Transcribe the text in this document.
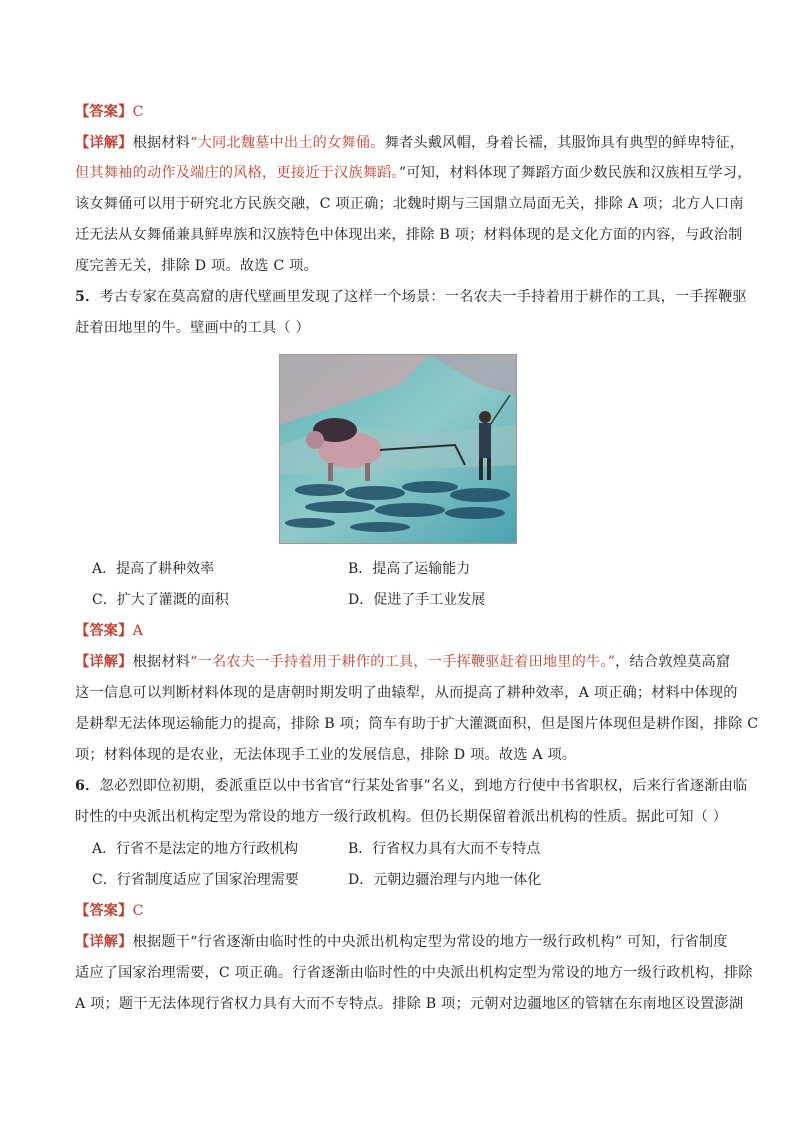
【答案】C
【详解】根据材料“大同北魏墓中出土的女舞俑。舞者头戴风帽，身着长襦，其服饰具有典型的鲜卑特征，
但其舞袖的动作及端庄的风格，更接近于汉族舞蹈。”可知，材料体现了舞蹈方面少数民族和汉族相互学习，
该女舞俑可以用于研究北方民族交融，C 项正确；北魏时期与三国鼎立局面无关，排除 A 项；北方人口南
迁无法从女舞俑兼具鲜卑族和汉族特色中体现出来，排除 B 项；材料体现的是文化方面的内容，与政治制
度完善无关，排除 D 项。故选 C 项。
5．考古专家在莫高窟的唐代壁画里发现了这样一个场景：一名农夫一手持着用于耕作的工具，一手挥鞭驱
赶着田地里的牛。壁画中的工具（ ）
A．提高了耕种效率	B．提高了运输能力
C．扩大了灌溉的面积	D．促进了手工业发展
【答案】A
【详解】根据材料“一名农夫一手持着用于耕作的工具，一手挥鞭驱赶着田地里的牛。”，结合敦煌莫高窟
这一信息可以判断材料体现的是唐朝时期发明了曲辕犁，从而提高了耕种效率，A 项正确；材料中体现的
是耕犁无法体现运输能力的提高，排除 B 项；筒车有助于扩大灌溉面积，但是图片体现但是耕作图，排除 C
项；材料体现的是农业，无法体现手工业的发展信息，排除 D 项。故选 A 项。
6．忽必烈即位初期，委派重臣以中书省官“行某处省事”名义，到地方行使中书省职权，后来行省逐渐由临
时性的中央派出机构定型为常设的地方一级行政机构。但仍长期保留着派出机构的性质。据此可知（ ）
A．行省不是法定的地方行政机构	B．行省权力具有大而不专特点
C．行省制度适应了国家治理需要	D．元朝边疆治理与内地一体化
【答案】C
【详解】根据题干“行省逐渐由临时性的中央派出机构定型为常设的地方一级行政机构” 可知，行省制度
适应了国家治理需要，C 项正确。行省逐渐由临时性的中央派出机构定型为常设的地方一级行政机构，排除
A 项；题干无法体现行省权力具有大而不专特点。排除 B 项；元朝对边疆地区的管辖在东南地区设置澎湖
